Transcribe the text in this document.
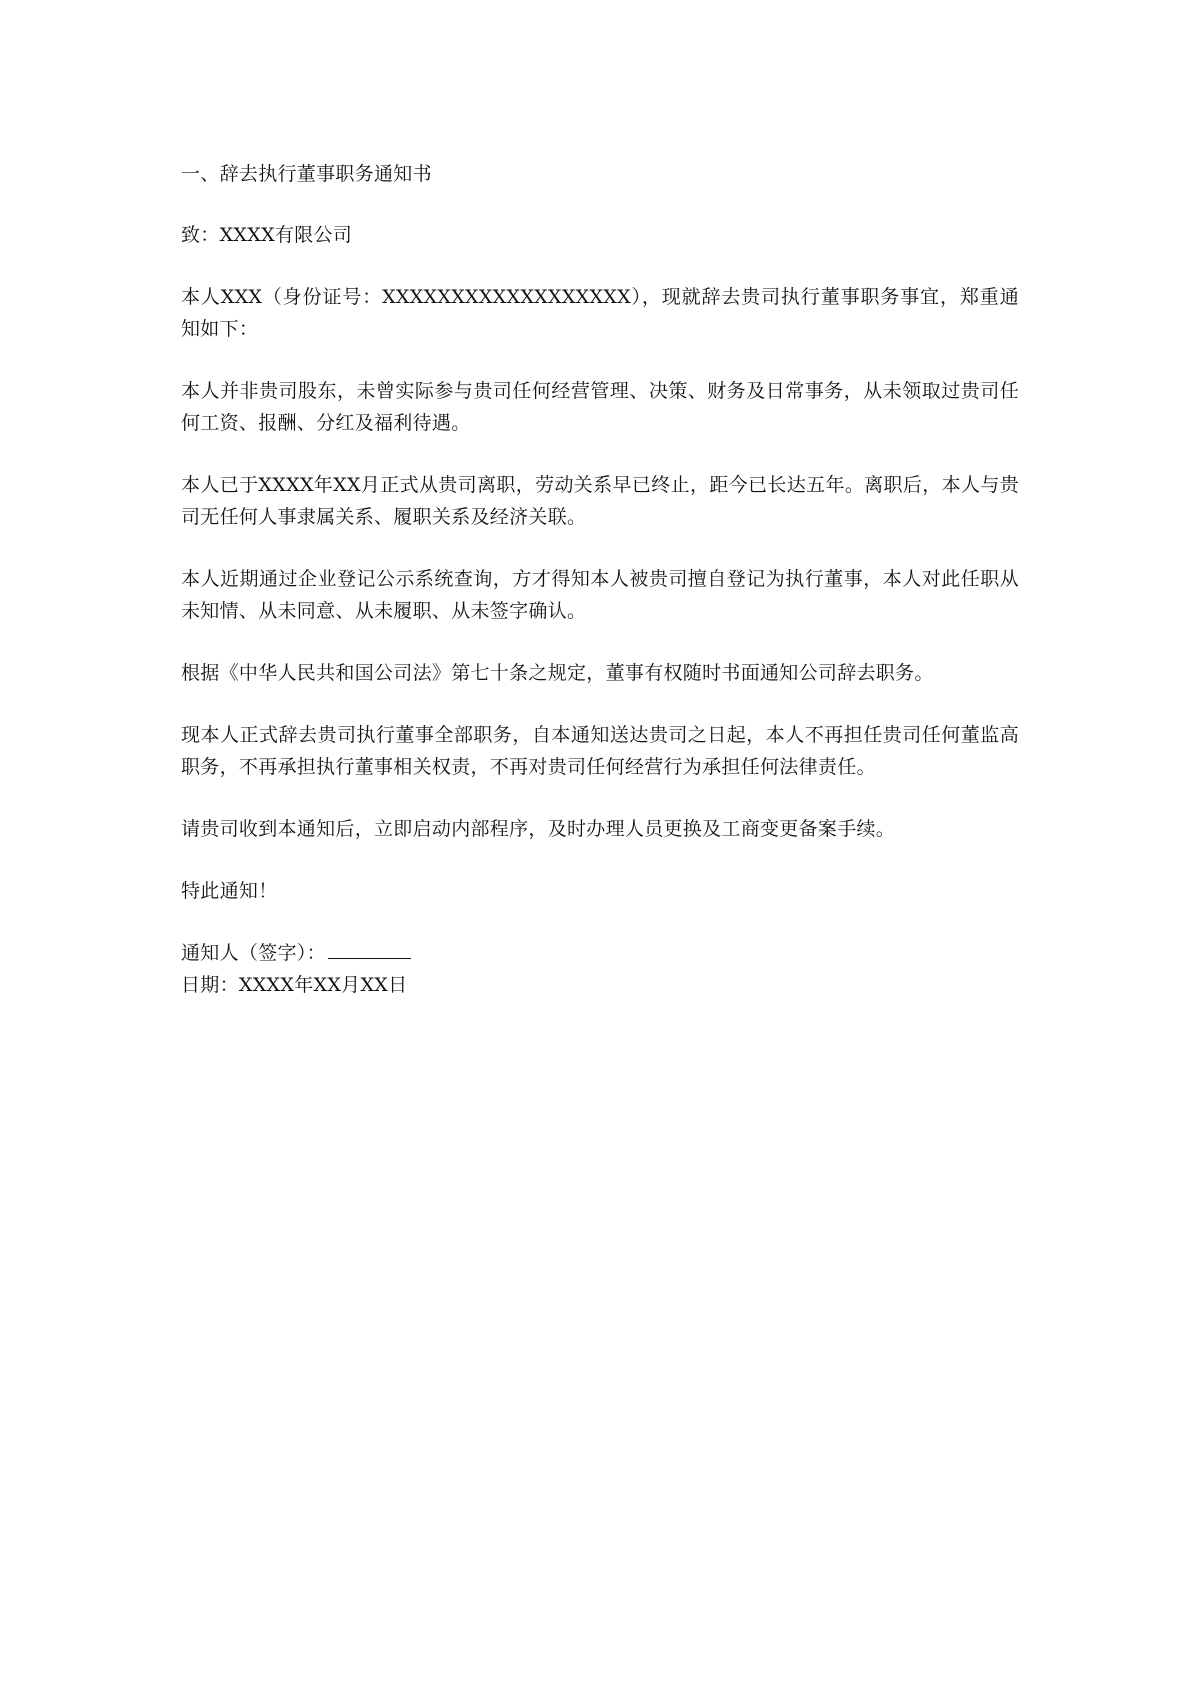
一、辞去执行董事职务通知书

致：XXXX有限公司

本人XXX（身份证号：XXXXXXXXXXXXXXXXXX），现就辞去贵司执行董事职务事宜，郑重通知如下：

本人并非贵司股东，未曾实际参与贵司任何经营管理、决策、财务及日常事务，从未领取过贵司任何工资、报酬、分红及福利待遇。

本人已于XXXX年XX月正式从贵司离职，劳动关系早已终止，距今已长达五年。离职后，本人与贵司无任何人事隶属关系、履职关系及经济关联。

本人近期通过企业登记公示系统查询，方才得知本人被贵司擅自登记为执行董事，本人对此任职从未知情、从未同意、从未履职、从未签字确认。

根据《中华人民共和国公司法》第七十条之规定，董事有权随时书面通知公司辞去职务。

现本人正式辞去贵司执行董事全部职务，自本通知送达贵司之日起，本人不再担任贵司任何董监高职务，不再承担执行董事相关权责，不再对贵司任何经营行为承担任何法律责任。

请贵司收到本通知后，立即启动内部程序，及时办理人员更换及工商变更备案手续。

特此通知！

通知人（签字）：
日期：XXXX年XX月XX日
